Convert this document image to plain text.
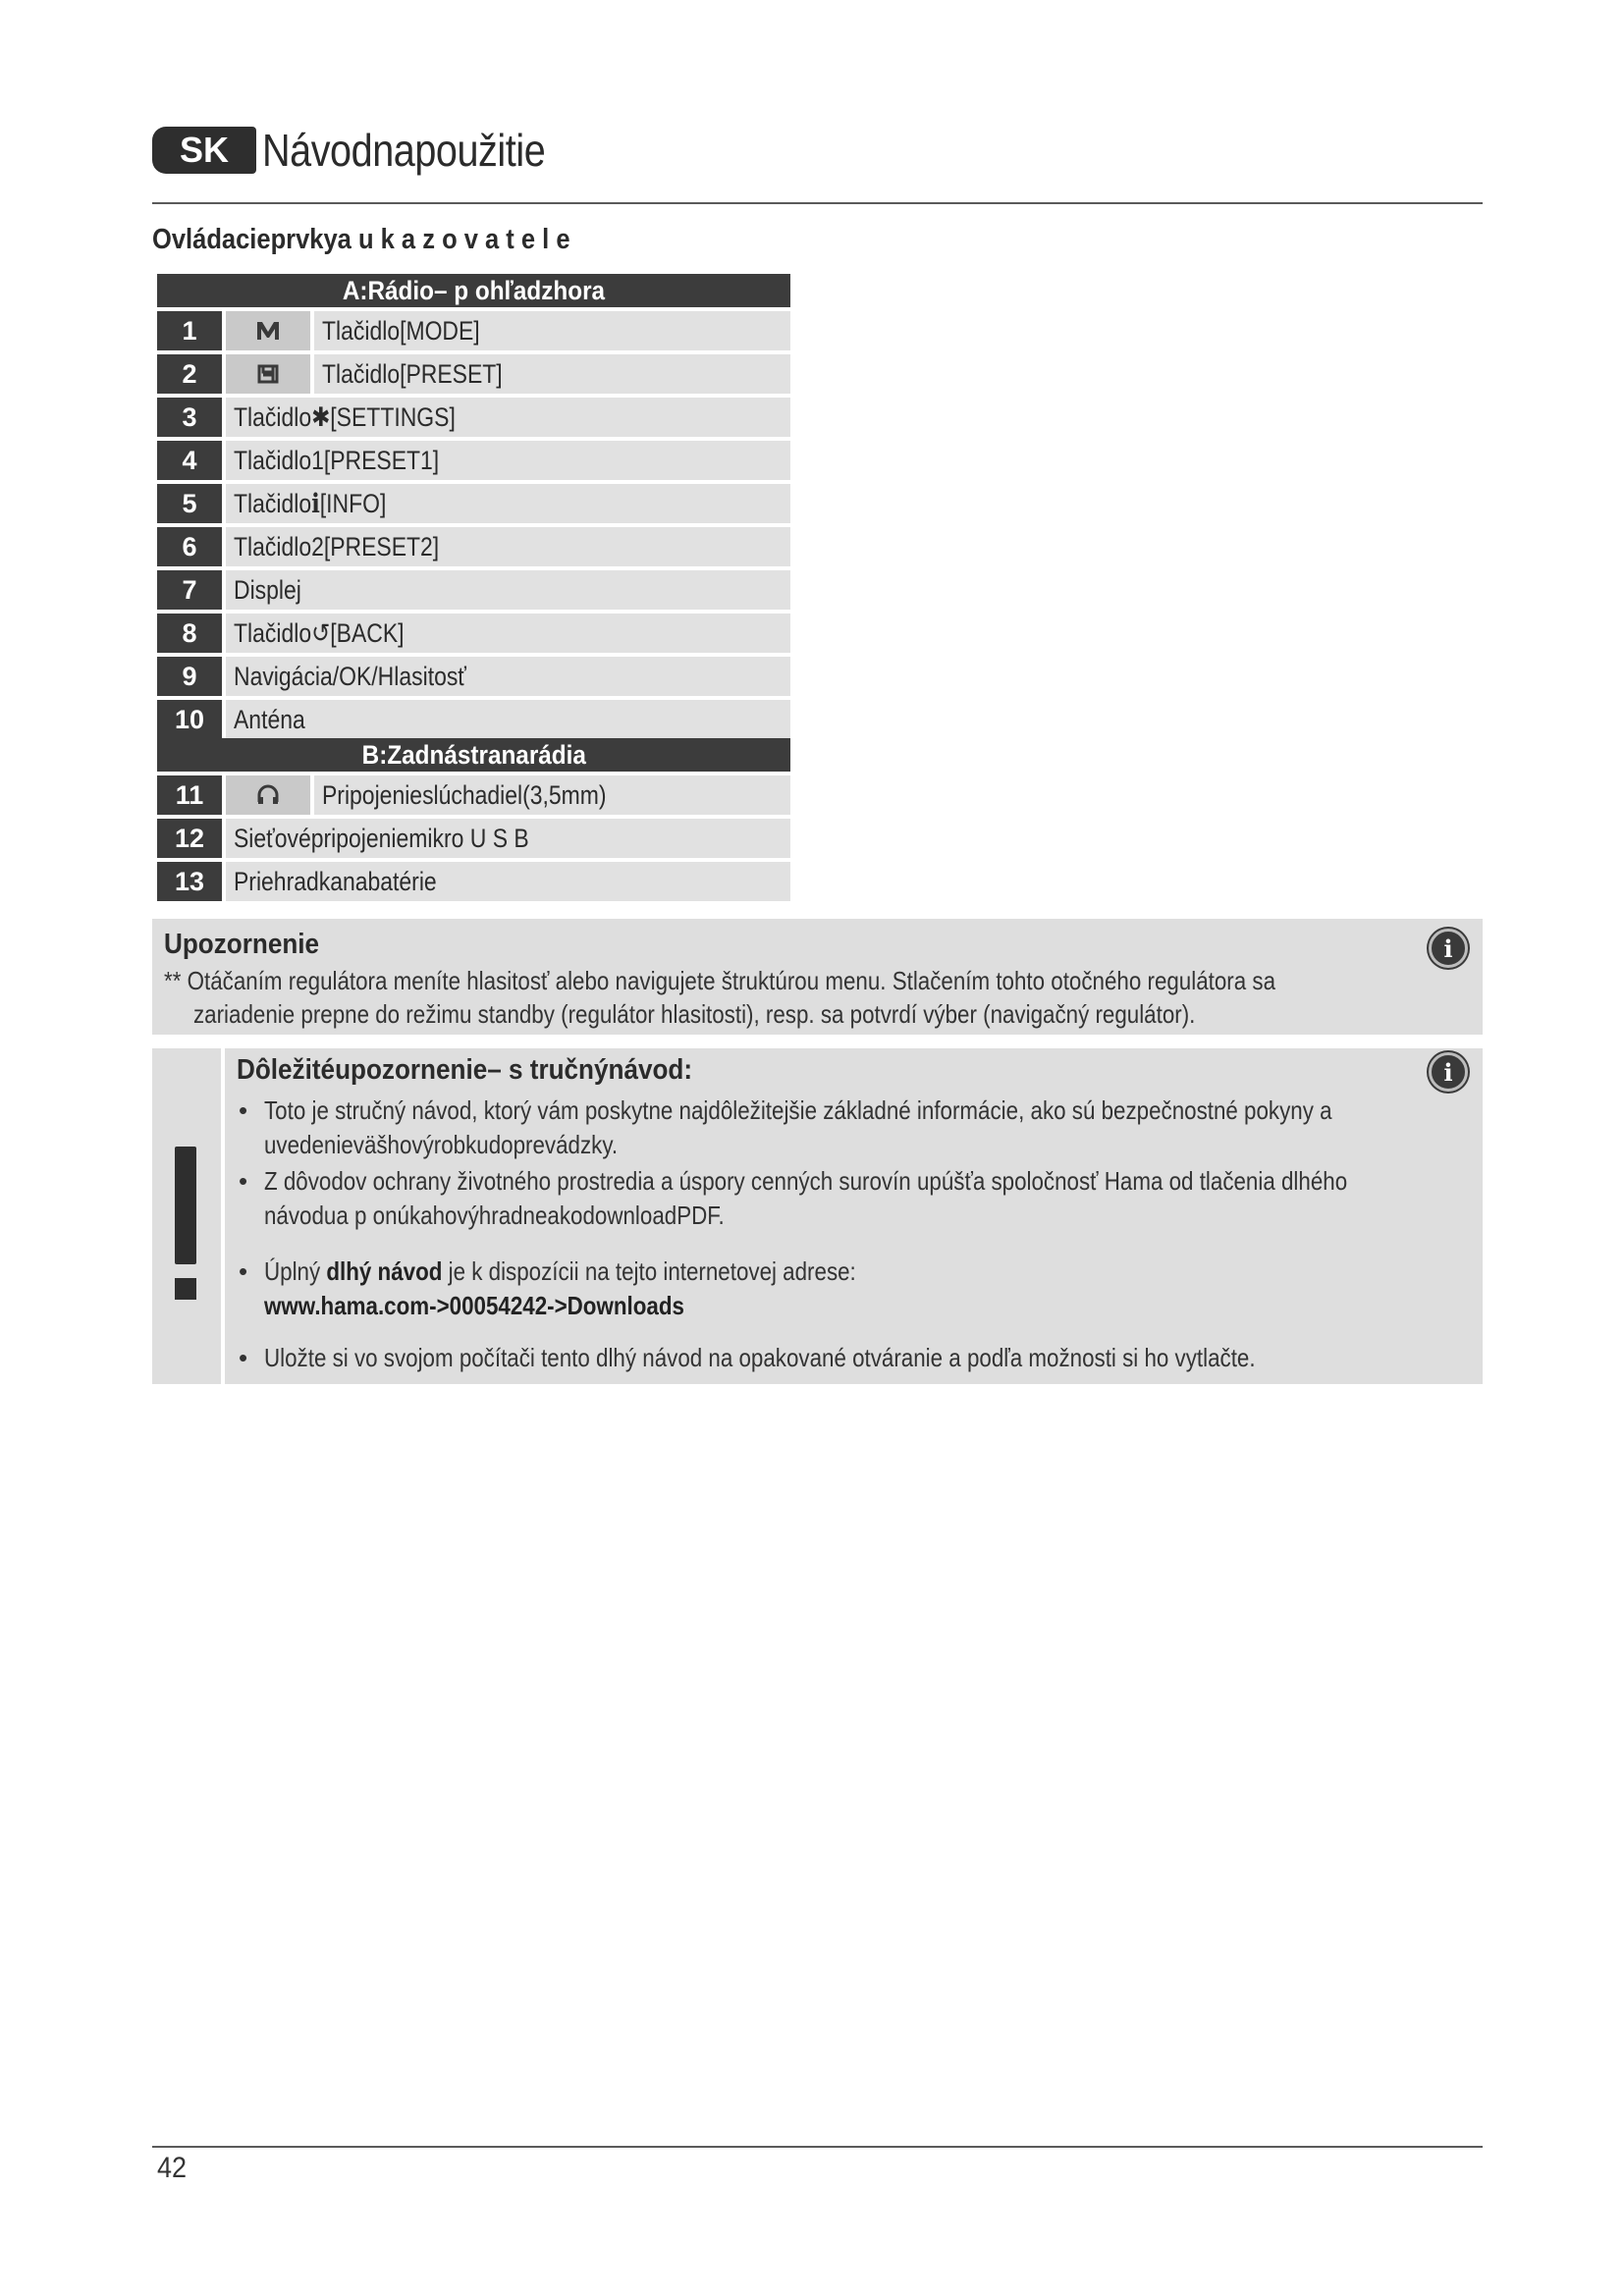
SK Návodnapoužitie
Ovládacieprvkya u k a z o v a t e l e
A:Rádio– p ohľadzhora
1	Tlačidlo[MODE]
2	Tlačidlo[PRESET]
3	Tlačidlo✱[SETTINGS]
4	Tlačidlo1[PRESET1]
5	Tlačidloℹ[INFO]
6	Tlačidlo2[PRESET2]
7	Displej
8	Tlačidlo↺[BACK]
9	Navigácia/OK/Hlasitosť
10	Anténa
B:Zadnástranarádia
11	Pripojenieslúchadiel(3,5mm)
12	Sieťovépripojeniemikro U S B
13	Priehradkanabatérie
Upozornenie	i
** Otáčaním regulátora meníte hlasitosť alebo navigujete štruktúrou menu. Stlačením tohto otočného regulátora sa
zariadenie prepne do režimu standby (regulátor hlasitosti), resp. sa potvrdí výber (navigačný regulátor).
Dôležitéupozornenie– s tručnýnávod:	i
• Toto je stručný návod, ktorý vám poskytne najdôležitejšie základné informácie, ako sú bezpečnostné pokyny a
uvedenieväšhovýrobkudoprevádzky.
• Z dôvodov ochrany životného prostredia a úspory cenných surovín upúšťa spoločnosť Hama od tlačenia dlhého
návodua p onúkahovýhradneakodownloadPDF.
• Úplný dlhý návod je k dispozícii na tejto internetovej adrese:
www.hama.com->00054242->Downloads
• Uložte si vo svojom počítači tento dlhý návod na opakované otváranie a podľa možnosti si ho vytlačte.
42
